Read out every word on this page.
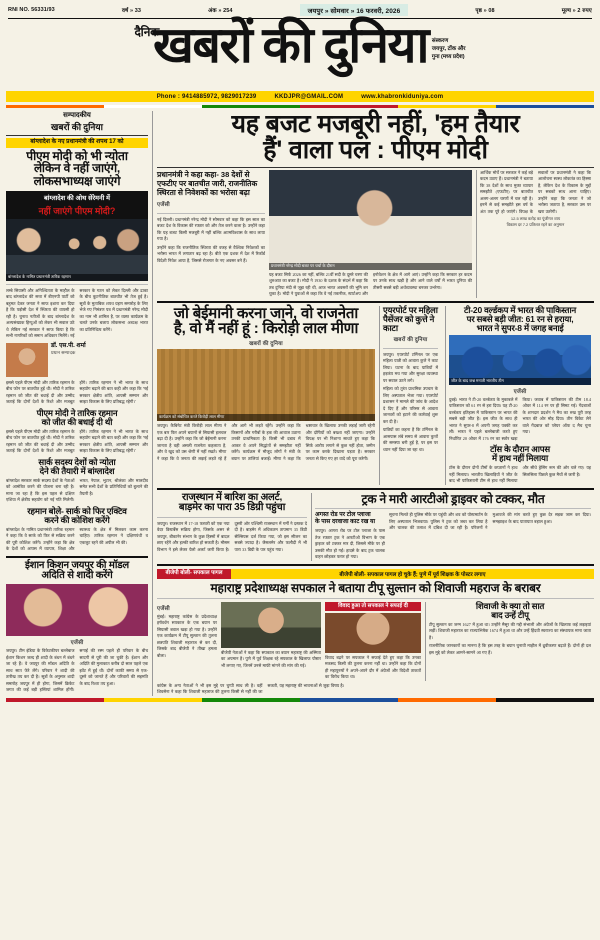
RNI NO. 56331/93	वर्ष » 33	अंक » 254	जयपुर » सोमवार » 16 फरवरी, 2026	पृष्ठ » 08	मूल्य » 2 रुपए
दैनिक
खबरों की दुनिया संस्करण
जयपुर, टोंक और
गुना (मध्य प्रदेश)
Phone : 9414885972, 9829017239	KKDJPR@GMAIL.COM	www.khabronkiduniya.com
सम्पादकीय
खबरों की दुनिया
बांग्लादेश के नए प्रधानमंत्री की शपथ 17 को
पीएम मोदी को भी न्योता
लेकिन वे नहीं जाएंगे,
लोकसभाध्यक्ष जाएंगे
बांग्लादेश की ओथ सेरेमनी में
नहीं जाएंगे पीएम मोदी?
बांग्लादेश के नामित प्रधानमंत्री तारिक रहमान
लम्बे सियासी और अनिश्चितता के माहौल के बाद बांग्लादेश की सत्ता में बीएनपी पार्टी को बहुमत देकर जनता ने साफ इशारा कर दिया है कि पड़ोसी देश में स्थिरता की वापसी हो रही है। चुनाव नतीजों के बाद बांग्लादेश के अल्पसंख्यक हिन्दुओं को लेकर भी सवाल उठे थे लेकिन नई सरकार ने साफ किया है कि सभी नागरिकों को समान अधिकार मिलेंगे। नई सरकार के गठन को लेकर दिल्ली और ढाका के बीच कूटनीतिक बातचीत भी तेज हुई है। सूत्रों के मुताबिक शपथ ग्रहण समारोह के लिए भेजे गए निमंत्रण पत्र में प्रधानमंत्री नरेन्द्र मोदी का नाम भी शामिल है, पर व्यस्त कार्यक्रम के चलते उनके बजाय लोकसभा अध्यक्ष भारत का प्रतिनिधित्व करेंगे।
डॉ. एस.पी. शर्मा
प्रधान सम्पादक
इससे पहले पीएम मोदी और तारिक रहमान के बीच फोन पर बातचीत हुई थी। मोदी ने तारिक रहमान को जीत की बधाई दी और उम्मीद जताई कि दोनों देशों के रिश्ते और मजबूत होंगे। तारिक रहमान ने भी भारत के साथ सहयोग बढ़ाने की बात कही और कहा कि 'नई सरकार क्षेत्रीय शांति, आपसी सम्मान और साझा विकास के लिए प्रतिबद्ध रहेगी।'
पीएम मोदी ने तारिक रहमान
को जीत की बधाई दी थी
इससे पहले पीएम मोदी और तारिक रहमान के बीच फोन पर बातचीत हुई थी। मोदी ने तारिक रहमान को जीत की बधाई दी और उम्मीद जताई कि दोनों देशों के रिश्ते और मजबूत होंगे। तारिक रहमान ने भी भारत के साथ सहयोग बढ़ाने की बात कही और कहा कि 'नई सरकार क्षेत्रीय शांति, आपसी सम्मान और साझा विकास के लिए प्रतिबद्ध रहेगी।'
सार्क सदस्य देशों को न्योता
देने की तैयारी में बांग्लादेश
बांग्लादेश सरकार सार्क सदस्य देशों के नेताओं को आमंत्रित करने की योजना बना रही है। माना जा रहा है कि इस पहल से दक्षिण एशिया में क्षेत्रीय सहयोग को नई गति मिलेगी। भारत, नेपाल, भूटान, श्रीलंका और मालदीव समेत सभी देशों के प्रतिनिधियों को बुलाने की तैयारी है।
रहमान बोले- सार्क को फिर एक्टिव
करने की कोशिश करेंगे
बांग्लादेश के नामित प्रधानमंत्री तारिक रहमान ने कहा कि वे सार्क को फिर से सक्रिय करने की पूरी कोशिश करेंगे। उन्होंने कहा कि क्षेत्र के देशों को आपस में व्यापार, शिक्षा और स्वास्थ्य के क्षेत्र में मिलकर काम करना चाहिए। तारिक रहमान ने दक्षिणपंथी व एकजुट रहने की अपील भी की।
ईशान किशन जयपुर की मॉडल
अदिति से शादी करेंगे
एजेंसी
जयपुर। टीम इंडिया के विकेटकीपर बल्लेबाज ईशान किशन जल्द ही शादी के बंधन में बंधने जा रहे हैं। वे जयपुर की मॉडल अदिति के साथ सात फेरे लेंगे। परिवार ने शादी की तारीख तय कर दी है। सूत्रों के अनुसार शादी समारोह जयपुर में ही होगा, जिसमें क्रिकेट जगत की कई बड़ी हस्तियां शामिल होंगी। सगाई की रस्म पहले ही परिवार के बीच सादगी से पूरी की जा चुकी है। ईशान और अदिति की मुलाकात करीब दो साल पहले एक इवेंट में हुई थी। दोनों काफी समय से एक-दूसरे को जानते हैं और परिवारों की सहमति के बाद रिश्ता तय हुआ।
यह बजट मजबूरी नहीं, 'हम तैयार
हैं' वाला पल : पीएम मोदी
प्रधानमंत्री ने कहा कहा- 38 देशों से एफटीए पर बातचीत जारी, राजनीतिक स्थिरता से निवेशकों का भरोसा बढ़ा
एजेंसी
नई दिल्ली। प्रधानमंत्री नरेन्द्र मोदी ने सोमवार को कहा कि इस साल का बजट देश के विकास की रफ्तार को और तेज करने वाला है। उन्होंने कहा कि यह बजट किसी मजबूरी में नहीं बल्कि आत्मविश्वास के साथ लाया गया है।
उन्होंने कहा कि राजनीतिक स्थिरता की वजह से वैश्विक निवेशकों का भरोसा भारत में लगातार बढ़ रहा है। बीते एक दशक में देश में रिकॉर्ड विदेशी निवेश आया है, जिससे रोजगार के नए अवसर बने हैं।
प्रधानमंत्री नरेन्द्र मोदी बजट पर चर्चा के दौरान
यह बजट सिर्फ 2026 का नहीं, बल्कि 21वीं सदी के दूसरे चरण की शुरुआत का बजट है। मोदी ने 1930 के दशक के संदर्भ में कहा कि तब दुनिया मंदी से जूझ रही थी, आज भारत अवसरों की भूमि बन चुका है। मोदी ने युवाओं से कहा कि वे नई तकनीक, स्टार्टअप और इनोवेशन के क्षेत्र में आगे आएं। उन्होंने कहा कि सरकार हर कदम पर उनके साथ खड़ी है और आने वाले वर्षों में भारत दुनिया की तीसरी सबसे बड़ी अर्थव्यवस्था बनकर उभरेगा।
आर्थिक मोर्चे पर सरकार ने कई बड़े कदम उठाए हैं। प्रधानमंत्री ने बताया कि 38 देशों के साथ मुक्त व्यापार समझौते (एफटीए) पर बातचीत अलग-अलग चरणों में चल रही है। इनमें से कई समझौते इस वर्ष के अंत तक पूरे हो जाएंगे। विपक्ष के सवालों पर प्रधानमंत्री ने कहा कि आलोचना स्वस्थ लोकतंत्र का हिस्सा है, लेकिन देश के विकास के मुद्दों पर सबको साथ आना चाहिए। उन्होंने कहा कि जनता ने जो भरोसा जताया है, सरकार उस पर खरा उतरेगी।
12.5 लाख करोड़ का पूंजीगत व्यय
विकास दर 7.2 प्रतिशत रहने का अनुमान
जो बेईमानी करना जाने, वो राजनेता
है, वो मैं नहीं हूं : किरोड़ी लाल मीणा
खबरों की दुनिया
कार्यक्रम को संबोधित करते किरोड़ी लाल मीणा
जयपुर। कैबिनेट मंत्री किरोड़ी लाल मीणा ने एक बार फिर अपने बयानों से सियासी हलचल बढ़ा दी है। उन्होंने कहा कि जो बेईमानी करना जानता है वही असली राजनेता कहलाता है, और वे खुद को उस श्रेणी में नहीं रखते। मीणा ने कहा कि वे जनता की लड़ाई लड़ते रहे हैं और आगे भी लड़ते रहेंगे। उन्होंने कहा कि किसानों और गरीबों के हक की आवाज उठाना उनकी प्राथमिकता है। किसी भी दबाव में आकर वे अपने सिद्धांतों से समझौता नहीं करेंगे। कार्यक्रम में मौजूद लोगों ने मंत्री के बयान पर तालियां बजाईं। मीणा ने कहा कि भ्रष्टाचार के खिलाफ उनकी लड़ाई जारी रहेगी और दोषियों को बख्शा नहीं जाएगा। उन्होंने विपक्ष पर भी निशाना साधते हुए कहा कि सिर्फ आरोप लगाने से कुछ नहीं होता, जमीन पर काम करके दिखाना पड़ता है। सरकार जनता से किए गए हर वादे को पूरा करेगी।
एयरपोर्ट पर महिला
पैसेंजर को कुत्ते ने
काटा
खबरों की दुनिया
जयपुर। एयरपोर्ट टर्मिनल पर एक महिला यात्री को आवारा कुत्ते ने काट लिया। घटना के बाद यात्रियों में हड़कंप मच गया और सुरक्षा व्यवस्था पर सवाल उठने लगे।
महिला को तुरंत प्राथमिक उपचार के लिए अस्पताल भेजा गया। एयरपोर्ट प्रशासन ने मामले की जांच के आदेश दे दिए हैं और परिसर से आवारा जानवरों को हटाने की कार्रवाई शुरू कर दी है।
यात्रियों का कहना है कि टर्मिनल के आसपास लंबे समय से आवारा कुत्तों की समस्या बनी हुई है, पर इस पर ध्यान नहीं दिया जा रहा था।
टी-20 वर्ल्डकप में भारत की पाकिस्तान
पर सबसे बड़ी जीत: 61 रन से हराया,
भारत ने सुपर-8 में जगह बनाई
जीत के बाद जश्न मनाती भारतीय टीम
एजेंसी
दुबई। भारत ने टी-20 वर्ल्डकप के मुकाबले में पाकिस्तान को 61 रन से हरा दिया। यह टी-20 वर्ल्डकप इतिहास में पाकिस्तान पर भारत की सबसे बड़ी जीत है। इस जीत के साथ ही भारत ने सुपर-8 में अपनी जगह पक्की कर ली। भारत ने पहले बल्लेबाजी करते हुए निर्धारित 20 ओवर में 176 रन का स्कोर खड़ा किया। जवाब में पाकिस्तान की टीम 18.4 ओवर में 114 रन पर ही सिमट गई। गेंदबाजों के शानदार प्रदर्शन ने मैच का रुख पूरी तरह भारत की ओर मोड़ दिया। तीन विकेट लेने वाले गेंदबाज को प्लेयर ऑफ द मैच चुना गया।
टॉस के दौरान आपस
में हाथ नहीं मिलाया
टॉस के दौरान दोनों टीमों के कप्तानों ने हाथ नहीं मिलाया। भारतीय खिलाड़ियों ने जीत के बाद भी पाकिस्तानी टीम से हाथ नहीं मिलाया और सीधे ड्रेसिंग रूम की ओर चले गए। यह सिलसिला पिछले कुछ मैचों से जारी है।
राजस्थान में बारिश का अलर्ट,
बाड़मेर का पारा 35 डिग्री पहुंचा
जयपुर। राजस्थान में 17-18 फरवरी को एक नया वेदर डिस्टर्बेंस सक्रिय होगा, जिसके असर से जयपुर, बीकानेर संभाग के कुछ हिस्सों में बादल छाए रहेंगे और हल्की बारिश हो सकती है। मौसम विभाग ने इसे लेकर येलो अलर्ट जारी किया है। दूसरी ओर पश्चिमी राजस्थान में गर्मी ने दस्तक दे दी है। बाड़मेर में अधिकतम तापमान 35 डिग्री सेल्सियस दर्ज किया गया, जो इस सीजन का सबसे ज्यादा है। जैसलमेर और फलौदी में भी पारा 33 डिग्री के पार पहुंच गया।
ट्रक ने मारी आरटीओ ड्राइवर को टक्कर, मौत
अगस्त रोड पर टोल प्लाजा
के पास दरवाजा काट रख या
जयपुर। आगरा रोड पर टोल प्लाजा के पास तेज रफ्तार ट्रक ने आरटीओ विभाग के एक ड्राइवर को टक्कर मार दी, जिससे मौके पर ही उसकी मौत हो गई। हादसे के बाद ट्रक चालक वाहन छोड़कर फरार हो गया।
सूचना मिलते ही पुलिस मौके पर पहुंची और शव को पोस्टमार्टम के लिए अस्पताल भिजवाया। पुलिस ने ट्रक को जब्त कर लिया है और चालक की तलाश में दबिश दी जा रही है। परिजनों ने मुआवजे की मांग करते हुए कुछ देर सड़क जाम कर दिया। समझाइश के बाद यातायात बहाल हुआ।
बीजेपी बोली- सपकाल पागल	बीजेपी बोली- सपकाल पागल हो चुके हैं; पुणे में पूर्व शिक्षक के पोस्टर लगाए
महाराष्ट्र प्रदेशाध्यक्ष सपकाल ने बताया टीपू सुल्तान को शिवाजी महराज के बराबर
एजेंसी
मुंबई। महाराष्ट्र कांग्रेस के प्रदेशाध्यक्ष हर्षवर्धन सपकाल के एक बयान पर सियासी बवाल खड़ा हो गया है। उन्होंने एक कार्यक्रम में टीपू सुल्तान की तुलना छत्रपति शिवाजी महाराज से कर दी, जिसके बाद बीजेपी ने तीखा हमला बोला।
बीजेपी नेताओं ने कहा कि सपकाल का बयान महाराष्ट्र की अस्मिता का अपमान है। पुणे में पूर्व शिक्षक रहे सपकाल के खिलाफ पोस्टर भी लगाए गए, जिनमें उनसे माफी मांगने की मांग की गई।
विवाद हुआ तो सपकाल ने सफाई दी
विवाद बढ़ने पर सपकाल ने सफाई देते हुए कहा कि उनका मकसद किसी की तुलना करना नहीं था। उन्होंने कहा कि दोनों ही महापुरुषों ने अपने-अपने दौर में अंग्रेजों और विदेशी ताकतों का विरोध किया था।
शिवाजी के क्या तो सात
बाद उन्हें टीपू
टीपू सुल्तान का जन्म 1627 में हुआ था। उन्होंने मैसूर की गद्दी संभाली और अंग्रेजों के खिलाफ कई लड़ाइयां लड़ीं। शिवाजी महाराज का राज्याभिषेक 1674 में हुआ था और उन्हें हिंदवी स्वराज्य का संस्थापक माना जाता है।
राजनीतिक जानकारों का मानना है कि इस तरह के बयान चुनावी माहौल में ध्रुवीकरण बढ़ाते हैं। दोनों ही दल इस मुद्दे को लेकर आमने-सामने आ गए हैं।
कांग्रेस के अन्य नेताओं ने भी इस मुद्दे पर चुप्पी साध ली है। वहीं शिवसेना ने कहा कि शिवाजी महाराज की तुलना किसी से नहीं की जा सकती, यह महाराष्ट्र की भावनाओं से जुड़ा विषय है।
